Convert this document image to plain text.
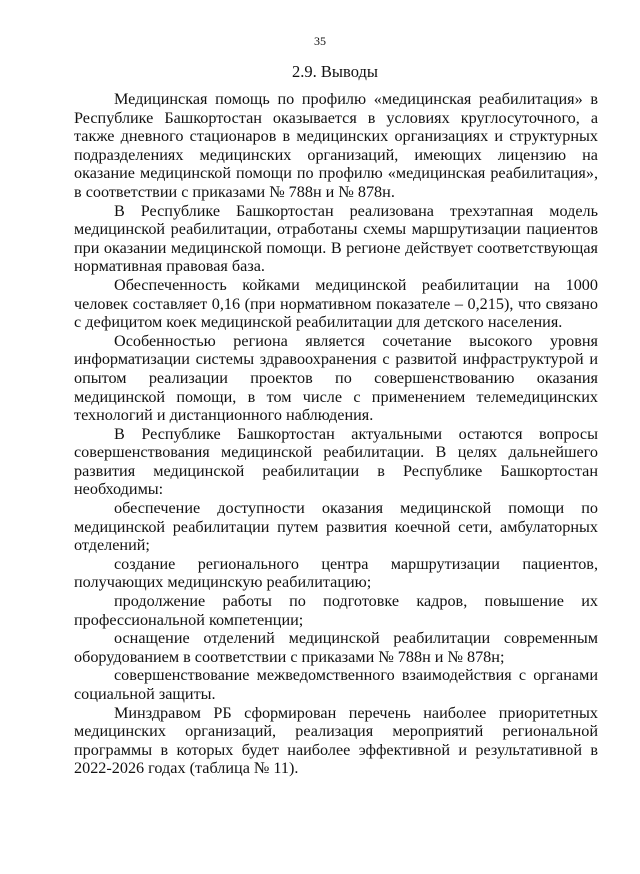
35
2.9. Выводы

Медицинская помощь по профилю «медицинская реабилитация» в Республике Башкортостан оказывается в условиях круглосуточного, а также дневного стационаров в медицинских организациях и структурных подразделениях медицинских организаций, имеющих лицензию на оказание медицинской помощи по профилю «медицинская реабилитация», в соответствии с приказами № 788н и № 878н.

В Республике Башкортостан реализована трехэтапная модель медицинской реабилитации, отработаны схемы маршрутизации пациентов при оказании медицинской помощи. В регионе действует соответствующая нормативная правовая база.

Обеспеченность койками медицинской реабилитации на 1000 человек составляет 0,16 (при нормативном показателе – 0,215), что связано с дефицитом коек медицинской реабилитации для детского населения.

Особенностью региона является сочетание высокого уровня информатизации системы здравоохранения с развитой инфраструктурой и опытом реализации проектов по совершенствованию оказания медицинской помощи, в том числе с применением телемедицинских технологий и дистанционного наблюдения.

В Республике Башкортостан актуальными остаются вопросы совершенствования медицинской реабилитации. В целях дальнейшего развития медицинской реабилитации в Республике Башкортостан необходимы:

обеспечение доступности оказания медицинской помощи по медицинской реабилитации путем развития коечной сети, амбулаторных отделений;

создание регионального центра маршрутизации пациентов, получающих медицинскую реабилитацию;

продолжение работы по подготовке кадров, повышение их профессиональной компетенции;

оснащение отделений медицинской реабилитации современным оборудованием в соответствии с приказами № 788н и № 878н;

совершенствование межведомственного взаимодействия с органами социальной защиты.

Минздравом РБ сформирован перечень наиболее приоритетных медицинских организаций, реализация мероприятий региональной программы в которых будет наиболее эффективной и результативной в 2022-2026 годах (таблица № 11).
